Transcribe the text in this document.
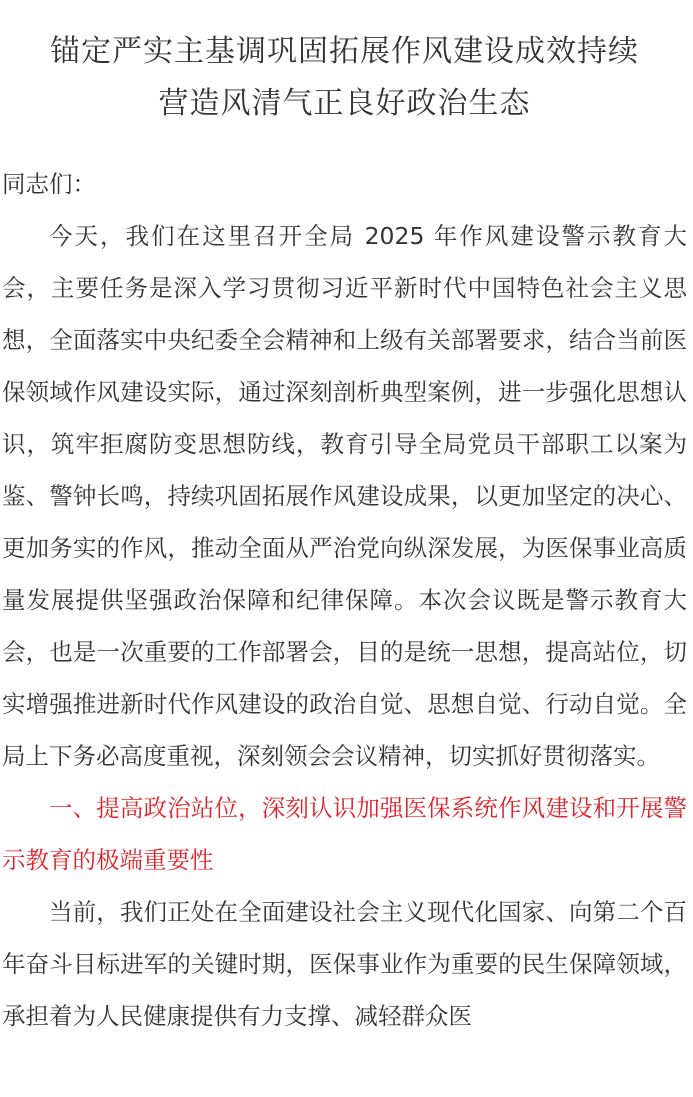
锚定严实主基调巩固拓展作风建设成效持续
营造风清气正良好政治生态
同志们：

今天，我们在这里召开全局 2025 年作风建设警示教育大会，主要任务是深入学习贯彻习近平新时代中国特色社会主义思想，全面落实中央纪委全会精神和上级有关部署要求，结合当前医保领域作风建设实际，通过深刻剖析典型案例，进一步强化思想认识，筑牢拒腐防变思想防线，教育引导全局党员干部职工以案为鉴、警钟长鸣，持续巩固拓展作风建设成果，以更加坚定的决心、更加务实的作风，推动全面从严治党向纵深发展，为医保事业高质量发展提供坚强政治保障和纪律保障。本次会议既是警示教育大会，也是一次重要的工作部署会，目的是统一思想，提高站位，切实增强推进新时代作风建设的政治自觉、思想自觉、行动自觉。全局上下务必高度重视，深刻领会会议精神，切实抓好贯彻落实。

一、提高政治站位，深刻认识加强医保系统作风建设和开展警示教育的极端重要性

当前，我们正处在全面建设社会主义现代化国家、向第二个百年奋斗目标进军的关键时期，医保事业作为重要的民生保障领域，承担着为人民健康提供有力支撑、减轻群众医
